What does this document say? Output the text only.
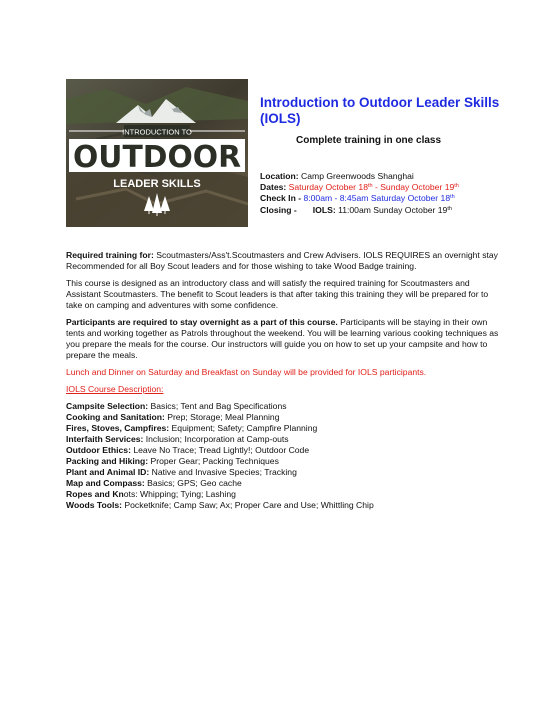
INTRODUCTION TO
OUTDOOR
LEADER SKILLS
Introduction to Outdoor Leader Skills (IOLS)

Complete training in one class

Location: Camp Greenwoods Shanghai
Dates: Saturday October 18th - Sunday October 19th
Check In - 8:00am - 8:45am Saturday October 18th
Closing - IOLS: 11:00am Sunday October 19th

Required training for: Scoutmasters/Ass't.Scoutmasters and Crew Advisers. IOLS REQUIRES an overnight stay
Recommended for all Boy Scout leaders and for those wishing to take Wood Badge training.

This course is designed as an introductory class and will satisfy the required training for Scoutmasters and Assistant Scoutmasters. The benefit to Scout leaders is that after taking this training they will be prepared for to take on camping and adventures with some confidence.

Participants are required to stay overnight as a part of this course. Participants will be staying in their own tents and working together as Patrols throughout the weekend. You will be learning various cooking techniques as you prepare the meals for the course. Our instructors will guide you on how to set up your campsite and how to prepare the meals.

Lunch and Dinner on Saturday and Breakfast on Sunday will be provided for IOLS participants.

IOLS Course Description:

Campsite Selection: Basics; Tent and Bag Specifications
Cooking and Sanitation: Prep; Storage; Meal Planning
Fires, Stoves, Campfires: Equipment; Safety; Campfire Planning
Interfaith Services: Inclusion; Incorporation at Camp-outs
Outdoor Ethics: Leave No Trace; Tread Lightly!; Outdoor Code
Packing and Hiking: Proper Gear; Packing Techniques
Plant and Animal ID: Native and Invasive Species; Tracking
Map and Compass: Basics; GPS; Geo cache
Ropes and Knots: Whipping; Tying; Lashing
Woods Tools: Pocketknife; Camp Saw; Ax; Proper Care and Use; Whittling Chip
